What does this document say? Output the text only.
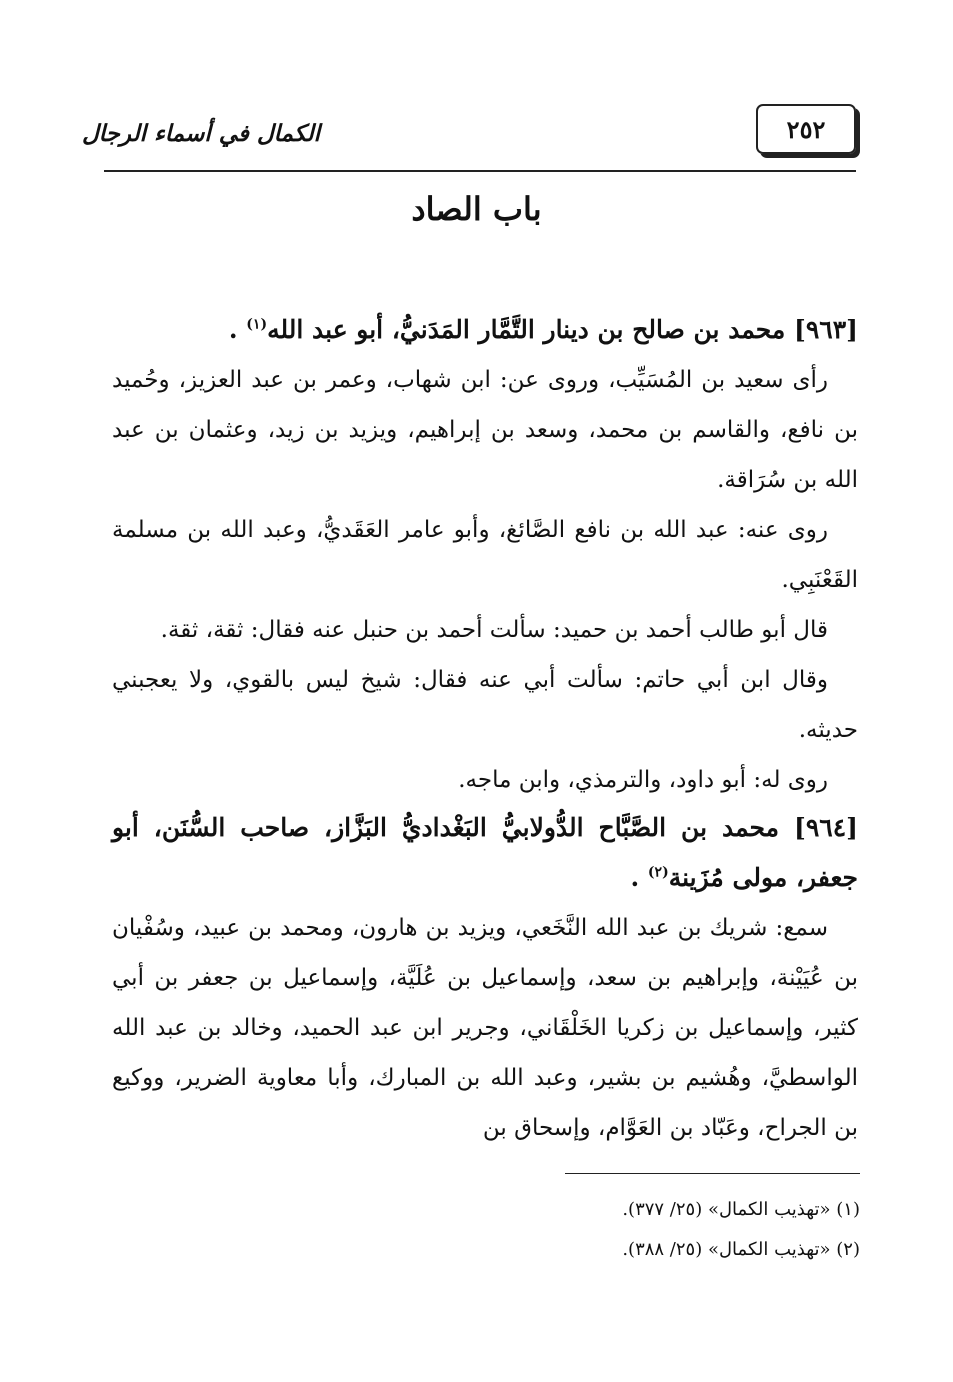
٢٥٢
الكمال في أسماء الرجال
باب الصاد

[٩٦٣] محمد بن صالح بن دينار التَّمَّار المَدَنيُّ، أبو عبد الله$^{(١)}$ .

رأى سعيد بن المُسَيِّب، وروى عن: ابن شهاب، وعمر بن عبد العزيز، وحُميد بن نافع، والقاسم بن محمد، وسعد بن إبراهيم، ويزيد بن زيد، وعثمان بن عبد الله بن سُرَاقة.

روى عنه: عبد الله بن نافع الصَّائغ، وأبو عامر العَقَديُّ، وعبد الله بن مسلمة القَعْنَبِي.

قال أبو طالب أحمد بن حميد: سألت أحمد بن حنبل عنه فقال: ثقة، ثقة.

وقال ابن أبي حاتم: سألت أبي عنه فقال: شيخ ليس بالقوي، ولا يعجبني حديثه.

روى له: أبو داود، والترمذي، وابن ماجه.

[٩٦٤] محمد بن الصَّبَّاح الدُّولابيُّ البَغْداديُّ البَزَّاز، صاحب السُّنَن، أبو جعفر، مولى مُزَينة$^{(٢)}$ .

سمع: شريك بن عبد الله النَّخَعي، ويزيد بن هارون، ومحمد بن عبيد، وسُفْيان بن عُيَيْنة، وإبراهيم بن سعد، وإسماعيل بن عُلَيَّة، وإسماعيل بن جعفر بن أبي كثير، وإسماعيل بن زكريا الخَلْقَاني، وجرير ابن عبد الحميد، وخالد بن عبد الله الواسطيَّ، وهُشيم بن بشير، وعبد الله بن المبارك، وأبا معاوية الضرير، ووكيع بن الجراح، وعَبّاد بن العَوَّام، وإسحاق بن

(١) «تهذيب الكمال» (٢٥/ ٣٧٧).

(٢) «تهذيب الكمال» (٢٥/ ٣٨٨).
